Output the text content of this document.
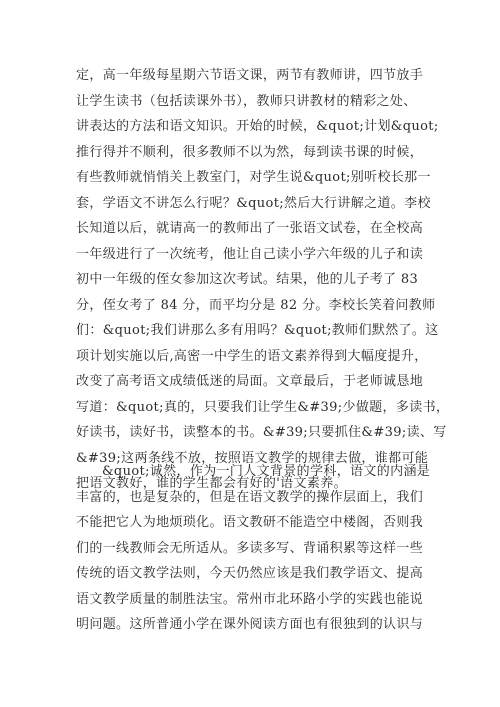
定，高一年级每星期六节语文课，两节有教师讲，四节放手
让学生读书（包括读课外书），教师只讲教材的精彩之处、
讲表达的方法和语文知识。开始的时候，&quot;计划&quot;
推行得并不顺利，很多教师不以为然，每到读书课的时候，
有些教师就悄悄关上教室门，对学生说&quot;别听校长那一
套，学语文不讲怎么行呢？&quot;然后大行讲解之道。李校
长知道以后，就请高一的教师出了一张语文试卷，在全校高
一年级进行了一次统考，他让自己读小学六年级的儿子和读
初中一年级的侄女参加这次考试。结果，他的儿子考了 83
分，侄女考了 84 分，而平均分是 82 分。李校长笑着问教师
们：&quot;我们讲那么多有用吗？&quot;教师们默然了。这
项计划实施以后,高密一中学生的语文素养得到大幅度提升，
改变了高考语文成绩低迷的局面。文章最后，于老师诚恳地
写道：&quot;真的，只要我们让学生&#39;少做题，多读书，
好读书，读好书，读整本的书。&#39;只要抓住&#39;读、写
&#39;这两条线不放，按照语文教学的规律去做，谁都可能
把语文教好，谁的学生都会有好的'语文素养。
&quot;诚然，作为一门人文背景的学科，语文的内涵是
丰富的，也是复杂的，但是在语文教学的操作层面上，我们
不能把它人为地烦琐化。语文教研不能造空中楼阁，否则我
们的一线教师会无所适从。多读多写、背诵积累等这样一些
传统的语文教学法则，今天仍然应该是我们教学语文、提高
语文教学质量的制胜法宝。常州市北环路小学的实践也能说
明问题。这所普通小学在课外阅读方面也有很独到的认识与
